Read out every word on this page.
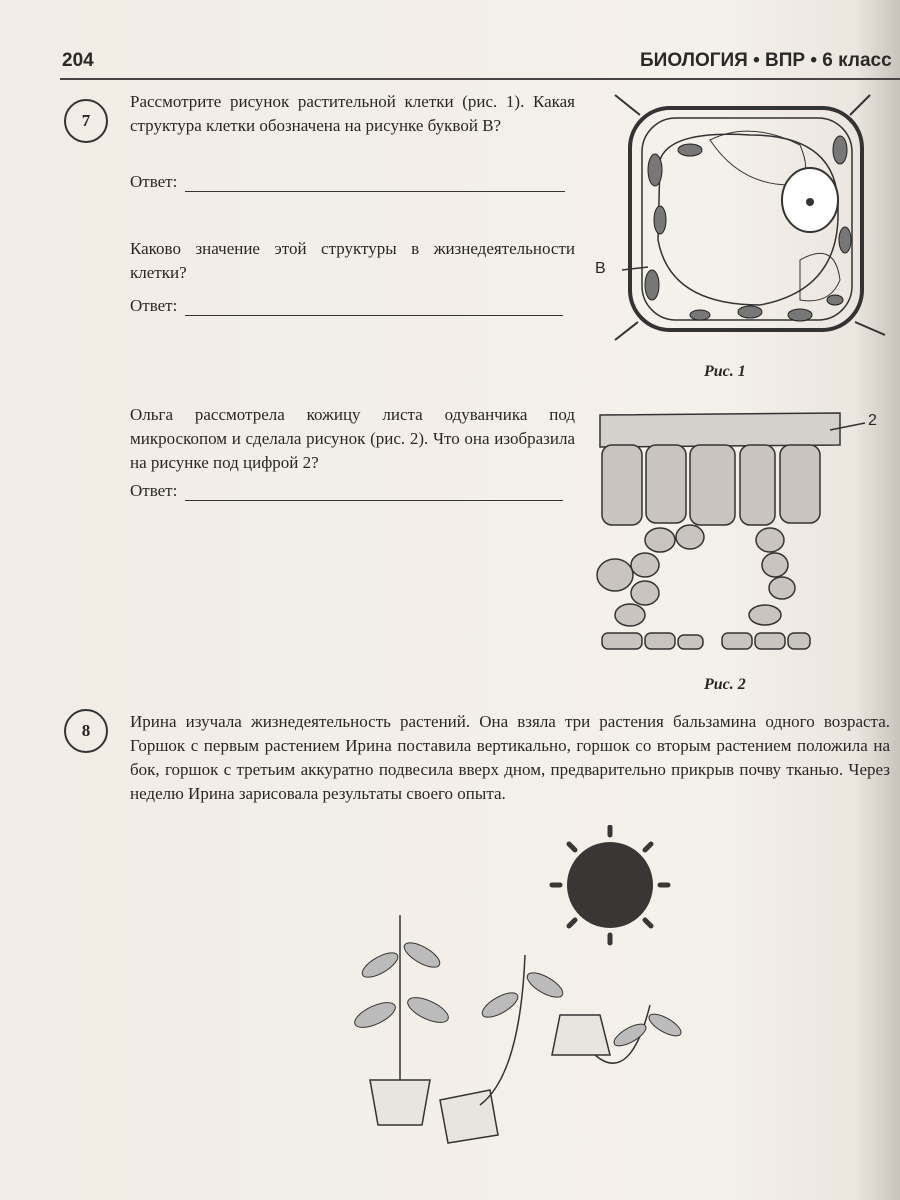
204	БИОЛОГИЯ • ВПР • 6 класс
7
Рассмотрите рисунок растительной клетки (рис. 1). Какая структура клетки обозначена на рисунке буквой В?
Ответ:
Каково значение этой структуры в жизнедеятельности клетки?
Ответ:
Ольга рассмотрела кожицу листа одуванчика под микроскопом и сделала рисунок (рис. 2). Что она изобразила на рисунке под цифрой 2?
Ответ:
В
Рис. 1
2
Рис. 2
8	Ирина изучала жизнедеятельность растений. Она взяла три растения бальзамина одного возраста. Горшок с первым растением Ирина поставила вертикально, горшок со вторым растением положила на бок, горшок с третьим аккуратно подвесила вверх дном, предварительно прикрыв почву тканью. Через неделю Ирина зарисовала результаты своего опыта.
